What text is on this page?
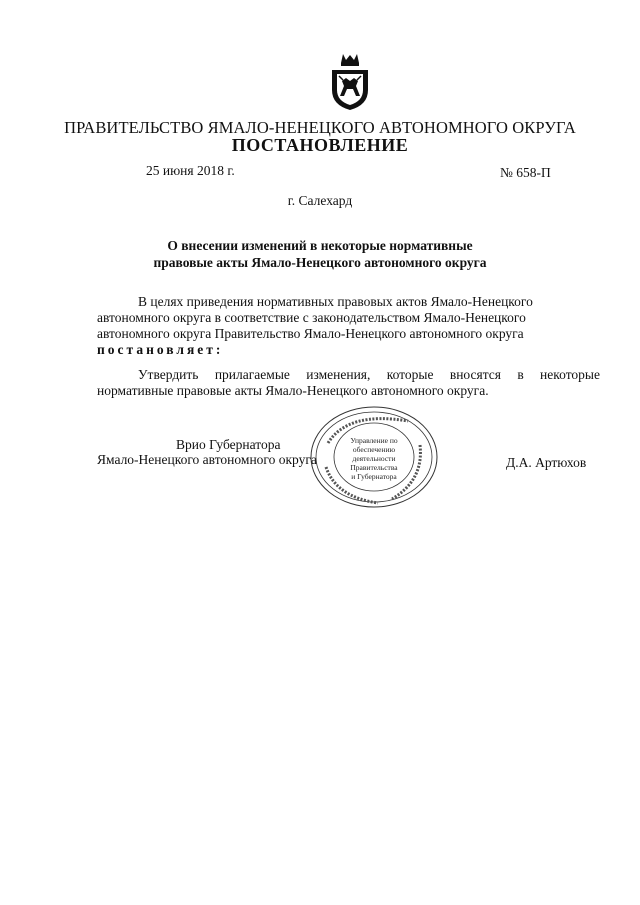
ПРАВИТЕЛЬСТВО ЯМАЛО-НЕНЕЦКОГО АВТОНОМНОГО ОКРУГА
ПОСТАНОВЛЕНИЕ
25 июня 2018 г.	№ 658-П
г. Салехард
О внесении изменений в некоторые нормативные
правовые акты Ямало-Ненецкого автономного округа
В целях приведения нормативных правовых актов Ямало-Ненецкого
автономного округа в соответствие с законодательством Ямало-Ненецкого
автономного округа Правительство Ямало-Ненецкого автономного округа
постановляет:
Утвердить прилагаемые изменения, которые вносятся в некоторые нормативные правовые акты Ямало-Ненецкого автономного округа.
Врио Губернатора
Ямало-Ненецкого автономного округа	Д.А. Артюхов
Управление по
обеспечению
деятельности
Правительства
и Губернатора
